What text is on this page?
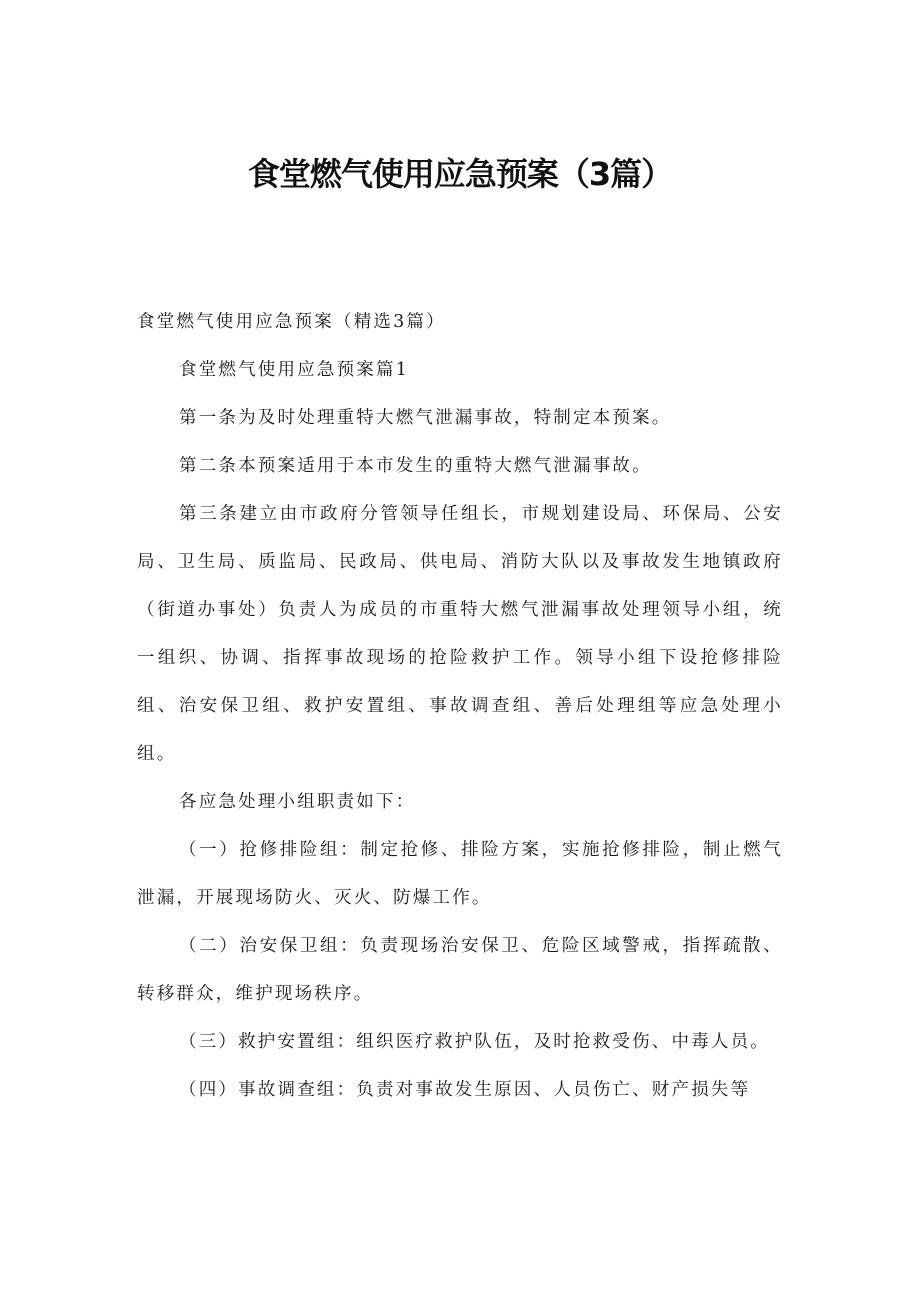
食堂燃气使用应急预案（3篇）

食堂燃气使用应急预案（精选3篇）

食堂燃气使用应急预案篇1

第一条为及时处理重特大燃气泄漏事故，特制定本预案。

第二条本预案适用于本市发生的重特大燃气泄漏事故。

第三条建立由市政府分管领导任组长，市规划建设局、环保局、公安局、卫生局、质监局、民政局、供电局、消防大队以及事故发生地镇政府（街道办事处）负责人为成员的市重特大燃气泄漏事故处理领导小组，统一组织、协调、指挥事故现场的抢险救护工作。领导小组下设抢修排险组、治安保卫组、救护安置组、事故调查组、善后处理组等应急处理小组。

各应急处理小组职责如下：

（一）抢修排险组：制定抢修、排险方案，实施抢修排险，制止燃气泄漏，开展现场防火、灭火、防爆工作。

（二）治安保卫组：负责现场治安保卫、危险区域警戒，指挥疏散、转移群众，维护现场秩序。

（三）救护安置组：组织医疗救护队伍，及时抢救受伤、中毒人员。

（四）事故调查组：负责对事故发生原因、人员伤亡、财产损失等
